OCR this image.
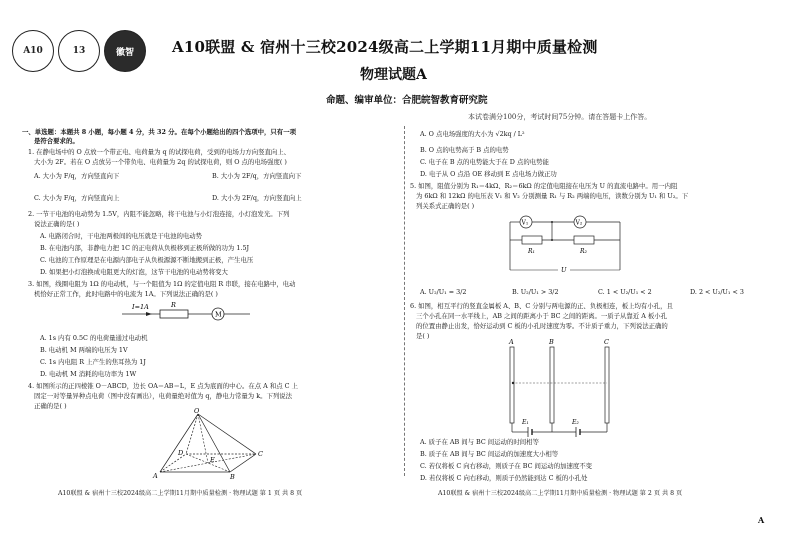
A10	13	徽智	A10联盟 & 宿州十三校2024级高二上学期11月期中质量检测
物理试题A
命题、编审单位：合肥皖智教育研究院
本试卷满分100分，考试时间75分钟。请在答题卡上作答。
一、单选题：本题共 8 小题，每小题 4 分，共 32 分。在每个小题给出的四个选项中，只有一项
是符合要求的。
1. 在静电场中的 O 点放一个带正电、电荷量为 q 的试探电荷，受到的电场力方向竖直向上、
大小为 2F。若在 O 点放另一个带负电、电荷量为 2q 的试探电荷，则 O 点的电场强度( )
A. 大小为 F/q，方向竖直向下	B. 大小为 2F/q，方向竖直向下
C. 大小为 F/q，方向竖直向上	D. 大小为 2F/q，方向竖直向上
2. 一节干电池的电动势为 1.5V，内阻不能忽略，将干电池与小灯泡连接，小灯泡发光。下列
说法正确的是( )
A. 电路闭合时，干电池两极间的电压就是干电池的电动势
B. 在电池内部，非静电力把 1C 的正电荷从负极移到正极所做的功为 1.5J
C. 电池的工作原理是在电源内部电子从负极源源不断地搬到正极，产生电压
D. 如果把小灯泡换成电阻更大的灯泡，这节干电池的电动势将变大
3. 如图，线圈电阻为 1Ω 的电动机，与一个阻值为 1Ω 的定值电阻 R 串联，接在电路中，电动
机恰好正常工作，此时电路中的电流为 1A。下列说法正确的是( )
I=1A	R
M
A. 1s 内有 0.5C 的电荷量通过电动机
B. 电动机 M 两端的电压为 1V
C. 1s 内电阻 R 上产生的焦耳热为 1J
D. 电动机 M 消耗的电功率为 1W
4. 如图所示的正四棱锥 O－ABCD，边长 OA＝AB＝L，E 点为底面的中心。在点 A 和点 C 上
固定一对等量异种点电荷（图中没有画出），电荷量绝对值为 q，静电力常量为 k。下列说法
正确的是( )
O
A	B
C
D
E
A. O 点电场强度的大小为 √2kq / L²
B. O 点的电势高于 B 点的电势
C. 电子在 B 点的电势能大于在 D 点的电势能
D. 电子从 O 点沿 OE 移动到 E 点电场力做正功
5. 如图，阻值分别为 R₁＝4kΩ、R₂＝6kΩ 的定值电阻接在电压为 U 的直流电路中。用一内阻
为 6kΩ 和 12kΩ 的电压表 V₁ 和 V₂ 分别测量 R₁ 与 R₂ 两端的电压，读数分别为 U₁ 和 U₂。下
列关系式正确的是( )
V₁	V₂
R₁	R₂
U
A. U₂/U₁ = 3/2	B. U₂/U₁ > 3/2	C. 1 < U₂/U₁ < 2	D. 2 < U₂/U₁ < 3
6. 如图，相互平行的竖直金属板 A、B、C 分别与两电源的正、负极相连，板上均有小孔，且
三个小孔在同一水平线上，AB 之间的距离小于 BC 之间的距离。一质子从靠近 A 板小孔
的位置由静止出发，恰好运动到 C 板的小孔时速度为零。不计质子重力，下列说法正确的
是( )
A	B	C
E₁	E₂
A. 质子在 AB 间与 BC 间运动的时间相等
B. 质子在 AB 间与 BC 间运动的加速度大小相等
C. 若仅将板 C 向右移动，则质子在 BC 间运动的加速度不变
D. 若仅将板 C 向右移动，则质子仍然能到达 C 板的小孔处
A10联盟 & 宿州十三校2024级高二上学期11月期中质量检测 · 物理试题 第 1 页 共 8 页	A10联盟 & 宿州十三校2024级高二上学期11月期中质量检测 · 物理试题 第 2 页 共 8 页
A
